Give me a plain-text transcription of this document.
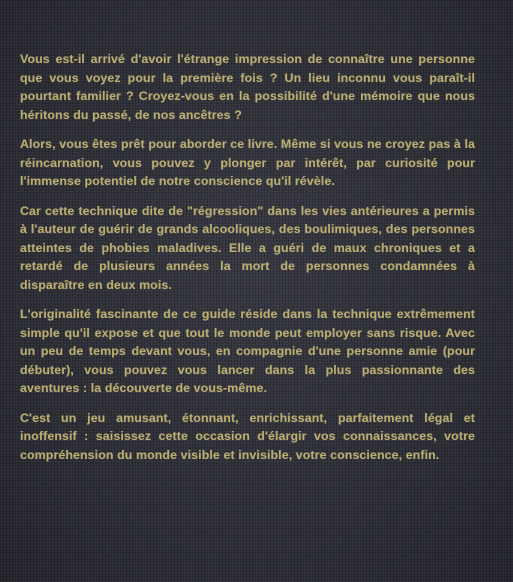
Vous est-il arrivé d'avoir l'étrange impression de connaître une personne que vous voyez pour la première fois ? Un lieu inconnu vous paraît-il pourtant familier ? Croyez-vous en la possibilité d'une mémoire que nous héritons du passé, de nos ancêtres ?

Alors, vous êtes prêt pour aborder ce livre. Même si vous ne croyez pas à la réincarnation, vous pouvez y plonger par intérêt, par curiosité pour l'immense potentiel de notre conscience qu'il révèle.

Car cette technique dite de "régression" dans les vies antérieures a permis à l'auteur de guérir de grands alcooliques, des boulimiques, des personnes atteintes de phobies maladives. Elle a guéri de maux chroniques et a retardé de plusieurs années la mort de personnes condamnées à disparaître en deux mois.

L'originalité fascinante de ce guide réside dans la technique extrêmement simple qu'il expose et que tout le monde peut employer sans risque. Avec un peu de temps devant vous, en compagnie d'une personne amie (pour débuter), vous pouvez vous lancer dans la plus passionnante des aventures : la découverte de vous-même.

C'est un jeu amusant, étonnant, enrichissant, parfaitement légal et inoffensif : saisissez cette occasion d'élargir vos connaissances, votre compréhension du monde visible et invisible, votre conscience, enfin.
